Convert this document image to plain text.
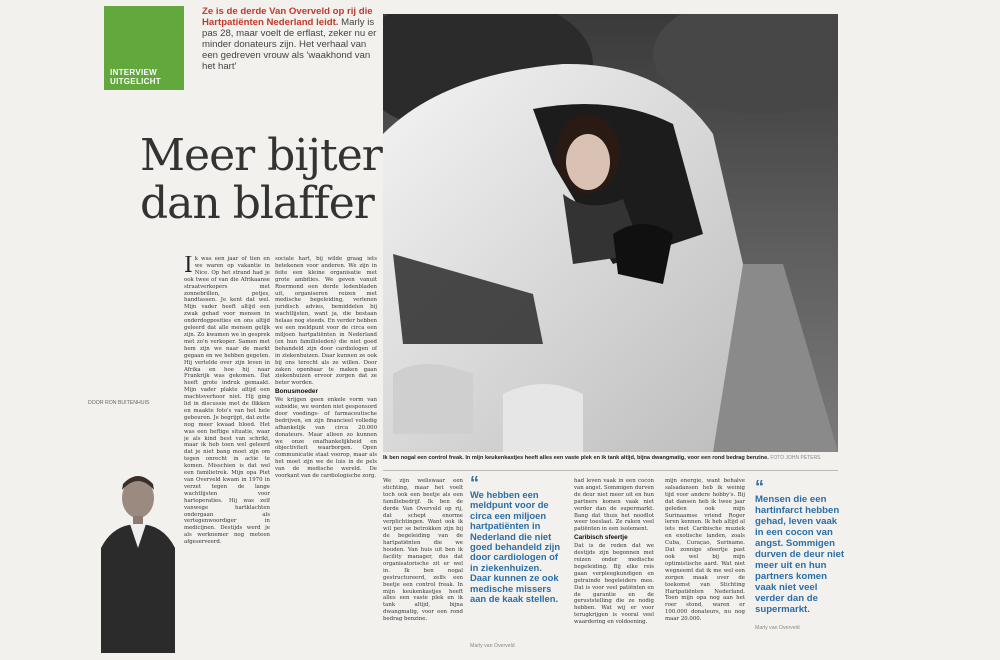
INTERVIEW
UITGELICHT
Ze is de derde Van Overveld op rij die Hartpatiënten Nederland leidt. Marly is pas 28, maar voelt de erflast, zeker nu er minder donateurs zijn. Het verhaal van een gedreven vrouw als 'waakhond van het hart'
Meer bijter
dan blaffer
Ik ben nogal een control freak. In mijn keukenkastjes heeft alles een vaste plek en ik tank altijd, bijna dwangmatig, voor een rond bedrag benzine. FOTO JOHN PETERS
DOOR RON BUITENHUIS
I k was een jaar of tien en we waren op vakantie in Nice. Op het strand had je ook twee of van die Afrikaanse straatverkopers met zonnebrillen, petjes, handtassen. Je kent dat wel. Mijn vader heeft altijd een zwak gehad voor mensen in onderdogposities en ons altijd geleerd dat alle mensen gelijk zijn. Zo kwamen we in gesprek met zo'n verkoper. Samen met hem zijn we naar de markt gegaan en we hebben gegeten. Hij vertelde over zijn leven in Afrika en hoe hij naar Frankrijk was gekomen. Dat heeft grote indruk gemaakt. Mijn vader plakte altijd een machtsverhoor niet. Hij ging lid in discussie met de flikken en maakte foto's van het hele gebeuren. Je begrijpt, dat zette nog meer kwaad bloed. Het was een heftige situatie, waar je als kind best van schrikt, maar ik heb toen wel geleerd dat je niet bang moet zijn om tegen onrecht in actie te komen. Misschien is dat wel een familietrek. Mijn opa Piet van Overveld kwam in 1970 in verzet tegen de lange wachtlijsten voor hartoperaties. Hij was zelf vanwege hartklachten ondergaan als vertegenwoordiger in medicijnen. Destijds werd je als werknemer nog meteen afgeserveerd.

sociale hart, bij wilde graag iets betekenen voor anderen. We zijn in feite een kleine organisatie met grote ambities. We geven vanuit Roermond een derde ledenbladen uit, organiseren reizen met medische begeleiding, verlenen juridisch advies, bemiddelen bij wachtlijsten, want ja, die bestaan helaas nog steeds. En verder hebben we een meldpunt voor de circa een miljoen hartpatiënten in Nederland (en hun familieleden) die niet goed behandeld zijn door cardiologen of in ziekenhuizen. Daar kunnen ze ook bij ons terecht als ze willen. Door zaken openbaar te maken gaan ziekenhuizen ervoor zorgen dat ze beter worden.

Bonusmoeder

We krijgen geen enkele vorm van subsidie, we worden niet gesponsord door voedings- of farmaceutische bedrijven, en zijn financieel volledig afhankelijk van circa 20.000 donateurs. Maar alleen zo kunnen we onze onafhankelijkheid en objectiviteit waarborgen. Open communicatie staat voorop, maar als het moet zijn we de luis in de pels van de medische wereld. De voorkant van de cardiologische zorg.

We zijn weliswaar een stichting, maar het voelt toch ook een beetje als een familiebedrijf. Ik ben de derde Van Overveld op rij, dat schept enorme verplichtingen. Want ook ik wil per se betrokken zijn bij de begeleiding van de hartpatiënten die we houden. Van huis uit ben ik facility manager, dus dat organisatorische zit er wel in. Ik ben nogal gestructureerd, zelfs een beetje een control freak. In mijn keukenkastjes heeft alles een vaste plek en ik tank altijd, bijna dwangmatig, voor een rond bedrag benzine.

“
We hebben een meldpunt voor de circa een miljoen hartpatiënten in Nederland die niet goed behandeld zijn door cardiologen of in ziekenhuizen. Daar kunnen ze ook medische missers aan de kaak stellen.
Marly van Overveld

had leven vaak in een cocon van angst. Sommigen durven de deur niet meer uit en hun partners komen vaak niet verder dan de supermarkt. Bang dat thuis het noodlot weer toeslaat. Ze raken veel patiënten in een isolement.

Caribisch sfeertje

Dat is de reden dat we destijds zijn begonnen met reizen onder medische begeleiding. Bij elke reis gaan verpleegkundigen en getrainde begeleiders mee. Dat is voor veel patiënten en de garantie en de geruststelling die ze nodig hebben. Wat wij er voor terugkrijgen is vooral veel waardering en voldoening.

mijn energie, want behalve salsadansen heb ik weinig tijd voor andere hobby's. Bij dat dansen heb ik twee jaar geleden ook mijn Surinaamse vriend Roger leren kennen. Ik heb altijd al iets met Caribische muziek en exotische landen, zoals Cuba, Curaçao, Suriname. Dat zonnige sfeertje past ook wel bij mijn optimistische aard. Wat niet wegneemt dat ik me wel een zorgen maak over de toekomst van Stichting Hartpatiënten Nederland. Toen mijn opa nog aan het roer stond, waren er 100.000 donateurs, nu nog maar 20.000.

“
Mensen die een hartinfarct hebben gehad, leven vaak in een cocon van angst. Sommigen durven de deur niet meer uit en hun partners komen vaak niet veel verder dan de supermarkt.
Marly van Overveld
